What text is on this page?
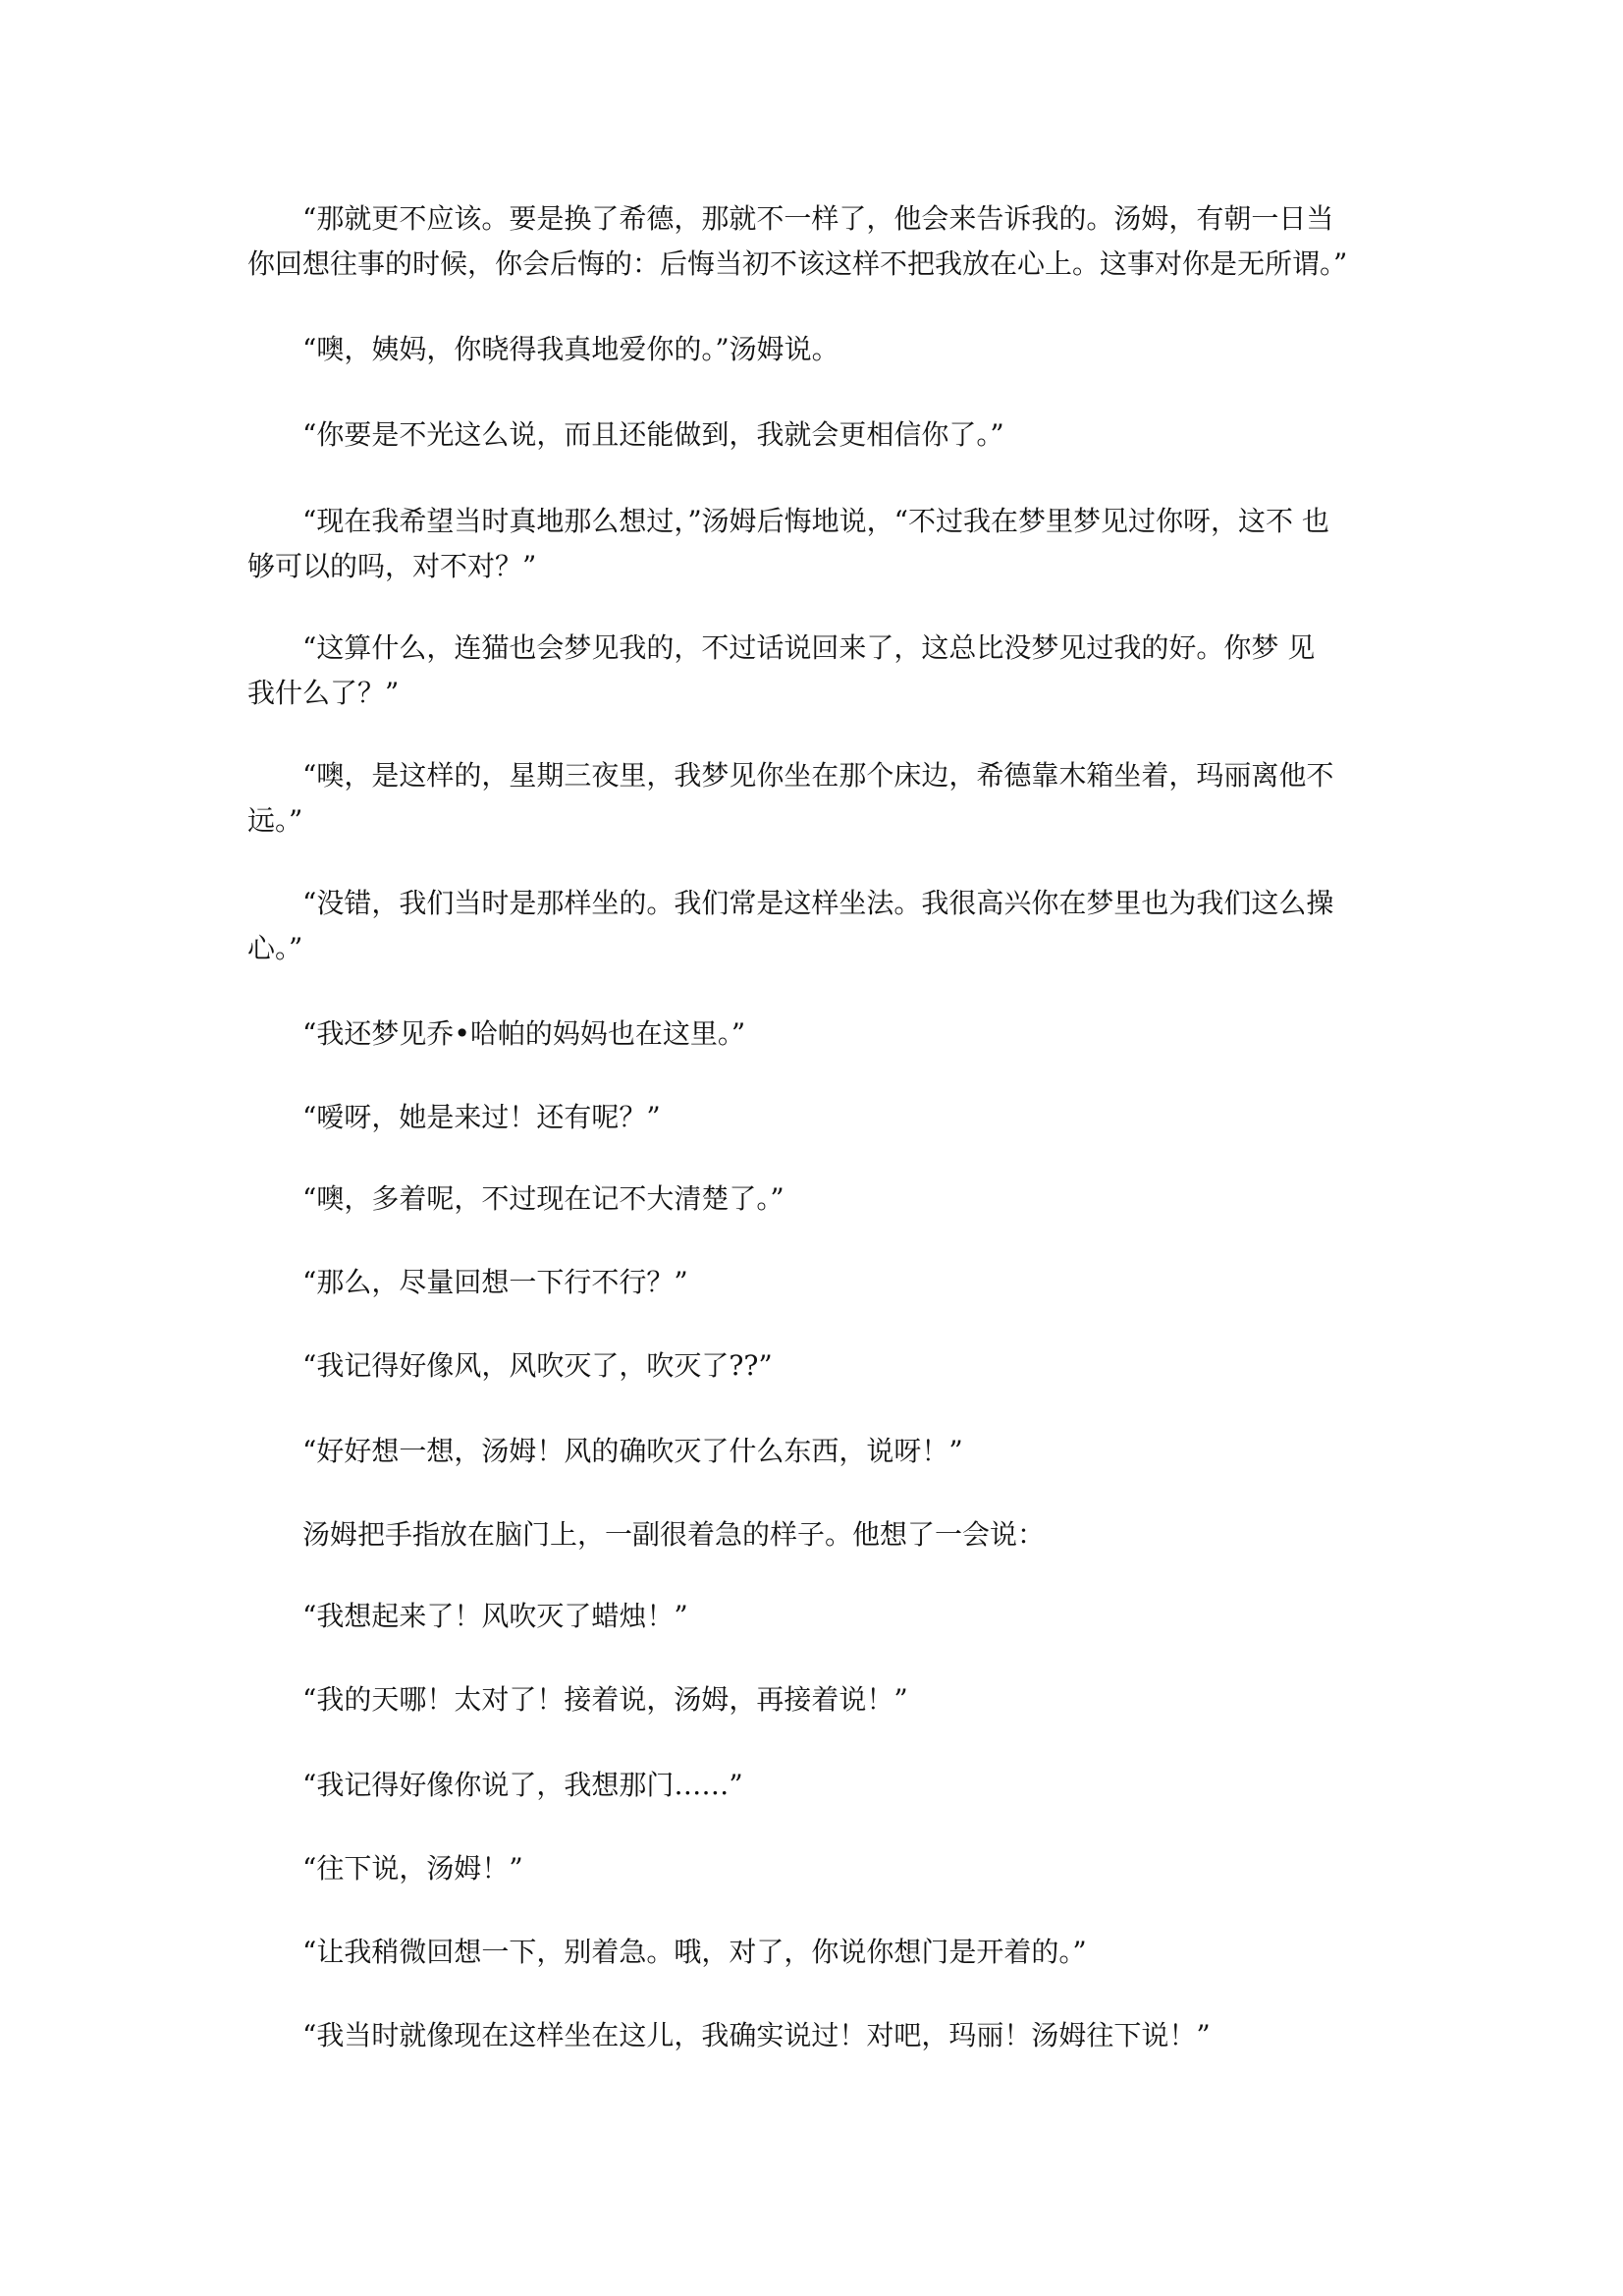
　　“那就更不应该。要是换了希德，那就不一样了，他会来告诉我的。汤姆，有朝一日当
你回想往事的时候，你会后悔的：后悔当初不该这样不把我放在心上。这事对你是无所谓。”

　　“噢，姨妈，你晓得我真地爱你的。”汤姆说。

　　“你要是不光这么说，而且还能做到，我就会更相信你了。”

　　“现在我希望当时真地那么想过，”汤姆后悔地说，“不过我在梦里梦见过你呀，这不 也
够可以的吗，对不对？”

　　“这算什么，连猫也会梦见我的，不过话说回来了，这总比没梦见过我的好。你梦 见
我什么了？”

　　“噢，是这样的，星期三夜里，我梦见你坐在那个床边，希德靠木箱坐着，玛丽离他不
远。”

　　“没错，我们当时是那样坐的。我们常是这样坐法。我很高兴你在梦里也为我们这么操
心。”

　　“我还梦见乔•哈帕的妈妈也在这里。”

　　“嗳呀，她是来过！还有呢？”

　　“噢，多着呢，不过现在记不大清楚了。”

　　“那么，尽量回想一下行不行？”

　　“我记得好像风，风吹灭了，吹灭了??”

　　“好好想一想，汤姆！风的确吹灭了什么东西，说呀！”

　　汤姆把手指放在脑门上，一副很着急的样子。他想了一会说：

　　“我想起来了！风吹灭了蜡烛！”

　　“我的天哪！太对了！接着说，汤姆，再接着说！”

　　“我记得好像你说了，我想那门……”

　　“往下说，汤姆！”

　　“让我稍微回想一下，别着急。哦，对了，你说你想门是开着的。”

　　“我当时就像现在这样坐在这儿，我确实说过！对吧，玛丽！汤姆往下说！”
